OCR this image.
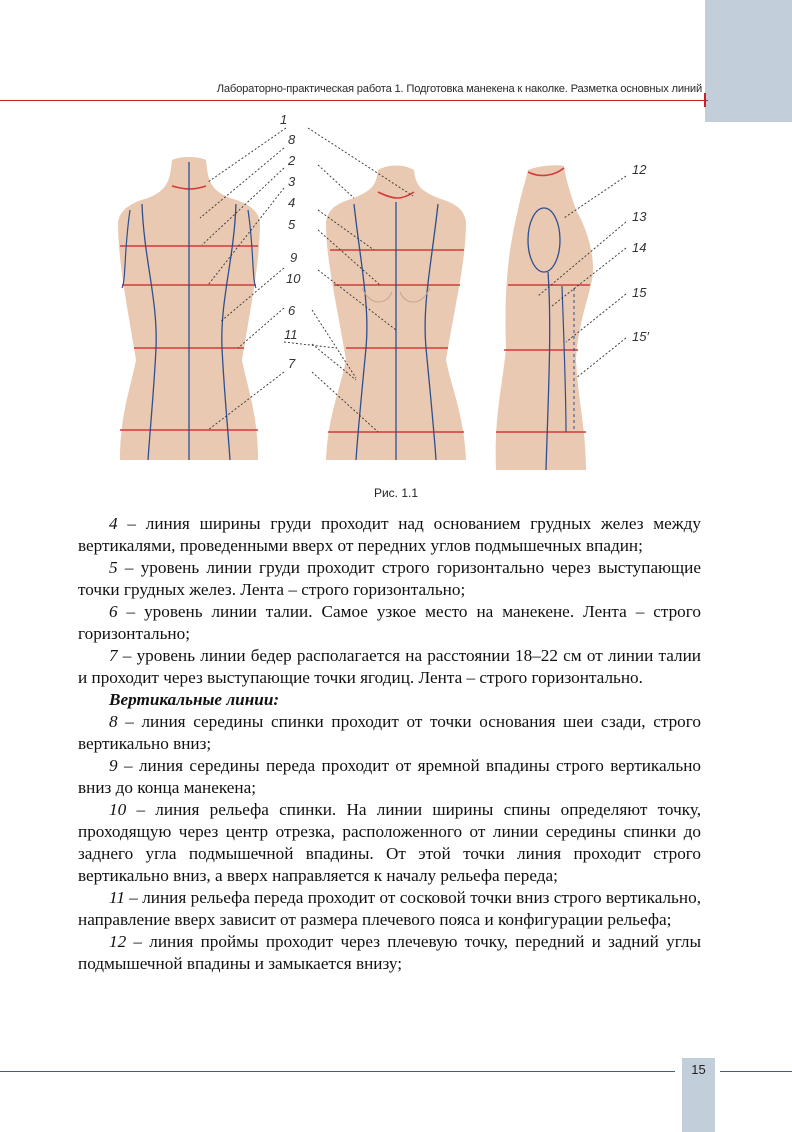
Лабораторно-практическая работа 1. Подготовка манекена к наколке. Разметка основных линий
1
8
2
3
4
5
9
10
6
11
7
12
13
14
15
15′
Рис. 1.1

4 – линия ширины груди проходит над основанием грудных желез между вертикалями, проведенными вверх от передних углов подмышечных впадин;

5 – уровень линии груди проходит строго горизонтально через выступающие точки грудных желез. Лента – строго горизонтально;

6 – уровень линии талии. Самое узкое место на манекене. Лента – строго горизонтально;

7 – уровень линии бедер располагается на расстоянии 18–22 см от линии талии и проходит через выступающие точки ягодиц. Лента – строго горизонтально.

Вертикальные линии:

8 – линия середины спинки проходит от точки основания шеи сзади, строго вертикально вниз;

9 – линия середины переда проходит от яремной впадины строго вертикально вниз до конца манекена;

10 – линия рельефа спинки. На линии ширины спины определяют точку, проходящую через центр отрезка, расположенного от линии середины спинки до заднего угла подмышечной впадины. От этой точки линия проходит строго вертикально вниз, а вверх направляется к началу рельефа переда;

11 – линия рельефа переда проходит от сосковой точки вниз строго вертикально, направление вверх зависит от размера плечевого пояса и конфигурации рельефа;

12 – линия проймы проходит через плечевую точку, передний и задний углы подмышечной впадины и замыкается внизу;

15
